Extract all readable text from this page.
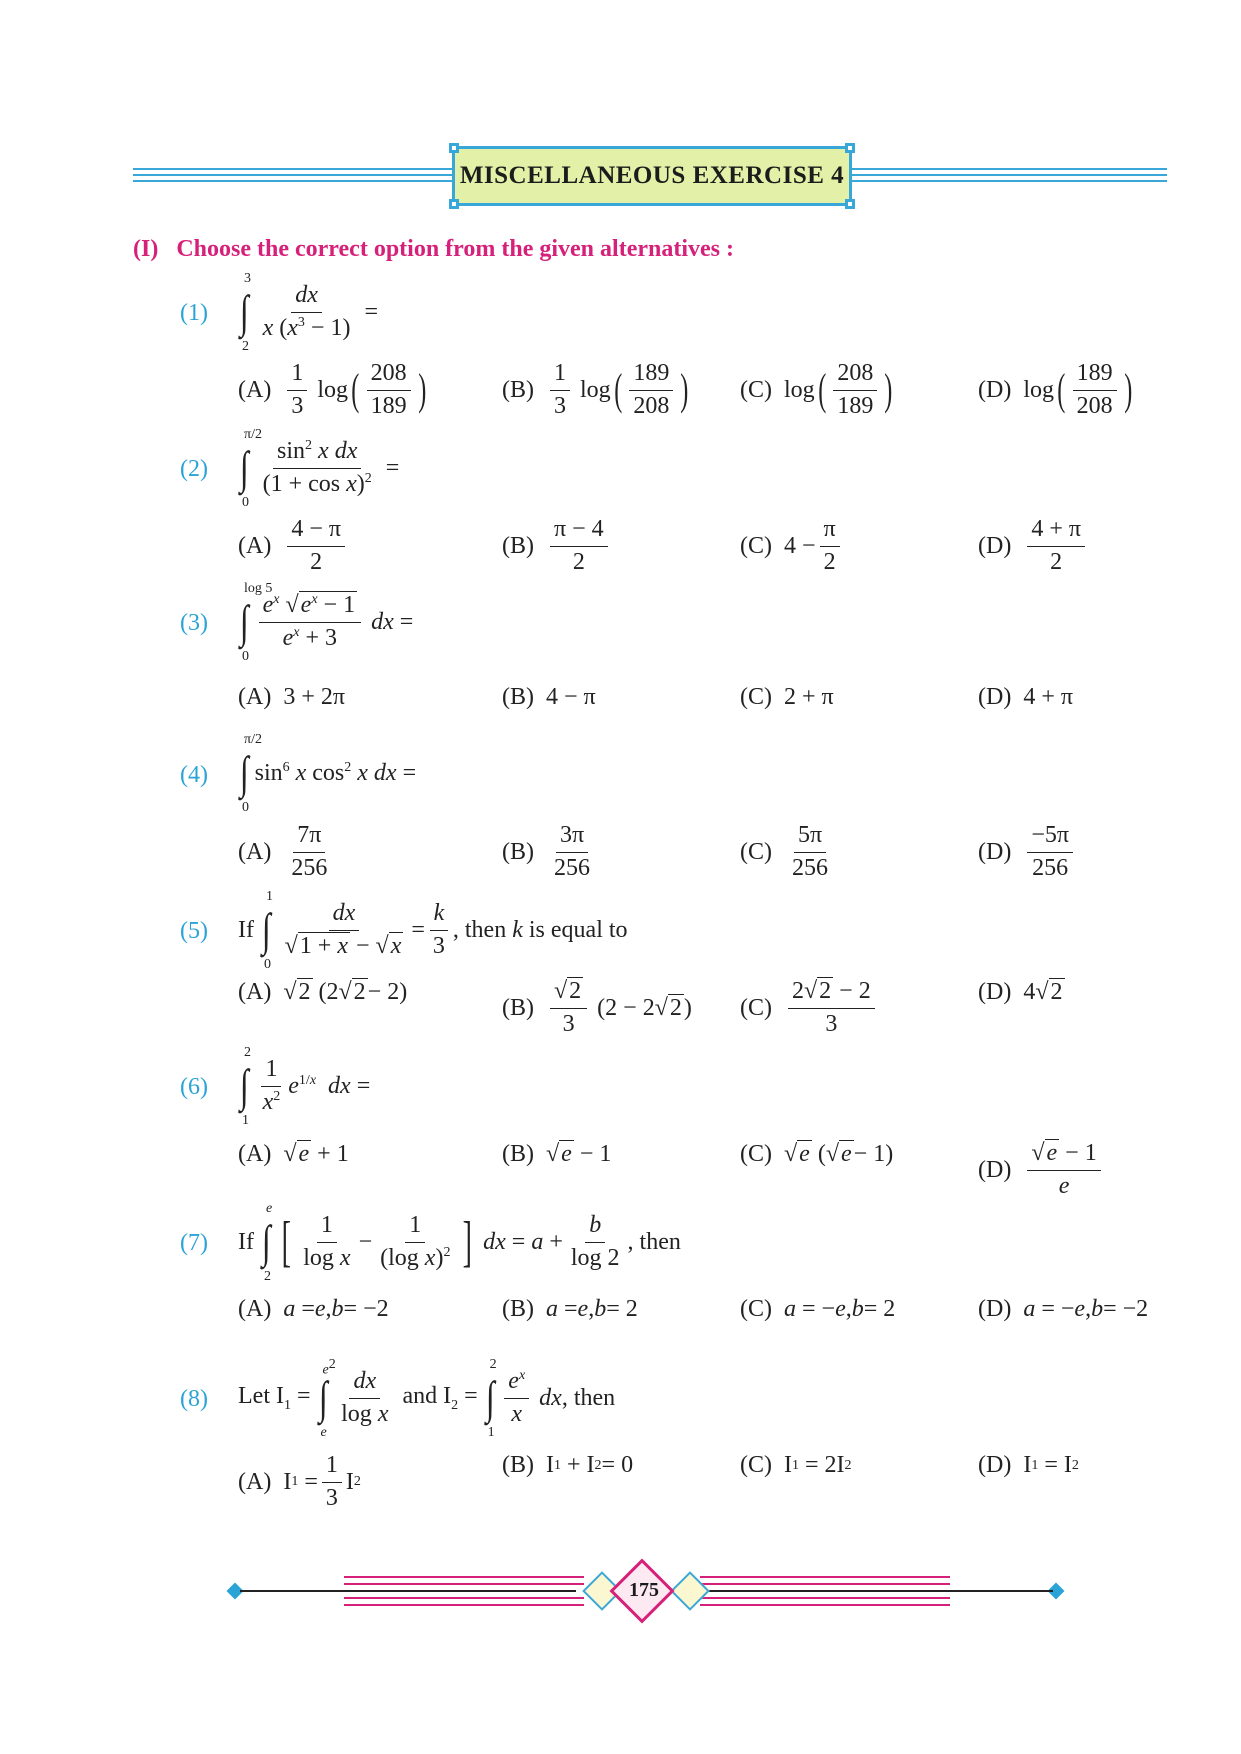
MISCELLANEOUS EXERCISE 4
(I) Choose the correct option from the given alternatives :
(1) ∫
3
2
$\frac{dx}{x (x^3 - 1)}$ =
$(A) \frac{1}{3}$ log ( $\frac{208}{189}$ )	$(B) \frac{1}{3}$ log ( $\frac{189}{208}$ ) (C) log ( $\frac{208}{189}$ )	(D) log ( $\frac{189}{208}$ )
(2) ∫
π/2
0
$\frac{\sin^2 x dx}{(1 + \cos x)^2}$ =
$(A) \frac{4 - \pi}{2}$	$(B) \frac{\pi - 4}{2}$	(C) $4 - \frac{\pi}{2}$	$(D) \frac{4 + \pi}{2}$
(3) ∫
log 5
0
$\frac{e^x √e^x - 1}{e^x + 3}$ dx =
(A) 3 + 2π	(B) 4 − π	(C) 2 + π	(D) 4 + π
(4) ∫
π/2
0
$\sin^6 x$ $\cos^2 x$ dx =
$(A) \frac{7\pi}{256}$	$(B) \frac{3\pi}{256}$	$(C) \frac{5\pi}{256}$	$(D) \frac{-5\pi}{256}$
(5) If ∫
1
0
$\frac{dx}{√1 + x - √x} = \frac{k}{3}$ , then k is equal to
(A) √ 2 (2√ 2 − 2)
$(B) \frac{√2}{3} (2 - 2√$ 2 ) $(C) \frac{2√2 - 2}{3}$	(D) 4√ 2
(6) ∫
2
1
$\frac{1}{x^2} e^{1/x}$ dx =
(A) √ e + 1	(B) √ e − 1	(C) √ e (√ e − 1)
$(D) \frac{√e - 1}{e}$
(7) If ∫
e
2
[ $\frac{1}{\text{log x}} - \frac{1}{(\log x)^2}$ ] dx = $a + \frac{b}{\log 2}$ , then
(A) a = e , b = −2	(B) a = e , b = 2	(C) a = − e , b = 2	(D) a = − e , b = −2
(8) Let $I_1$ = ∫
$e^2$
e
$\frac{dx}{\text{log x}}$ and $I_2$ = ∫
2
1
$\frac{e^x}{x}$ dx, then
(A) I $1 = \frac{1}{3}$ I 2
(B) I 1 + I 2 = 0	(C) I 1 = 2I 2	(D) I 1 = I 2
175
